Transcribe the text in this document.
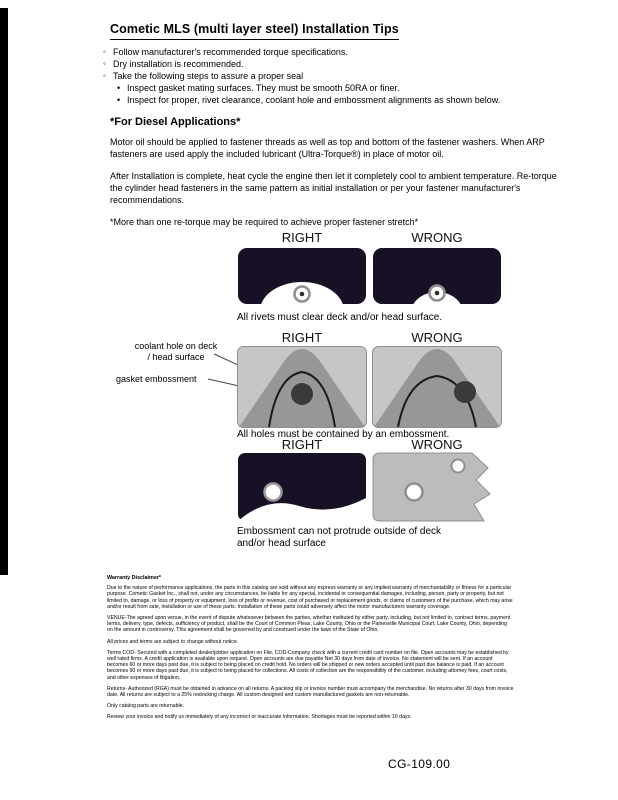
Cometic MLS (multi layer steel) Installation Tips
◦ Follow manufacturer's recommended torque specifications.
◦ Dry installation is recommended.
◦ Take the following steps to assure a proper seal
• Inspect gasket mating surfaces. They must be smooth 50RA or finer.
• Inspect for proper, rivet clearance, coolant hole and embossment alignments as shown below.
*For Diesel Applications*

Motor oil should be applied to fastener threads as well as top and bottom of the fastener washers. When ARP fasteners are used apply the included lubricant (Ultra-Torque®) in place of motor oil.

After Installation is complete, heat cycle the engine then let it completely cool to ambient temperature. Re-torque the cylinder head fasteners in the same pattern as initial installation or per your fastener manufacturer's recommendations.

*More than one re-torque may be required to achieve proper fastener stretch*

RIGHT	WRONG
All rivets must clear deck and/or head surface.
RIGHT	WRONG
coolant hole on deck / head surface
gasket embossment
All holes must be contained by an embossment.
RIGHT	WRONG
Embossment can not protrude outside of deck and/or head surface
Warranty Disclaimer*

Due to the nature of performance applications, the parts in this catalog are sold without any express warranty or any implied warranty of merchantability or fitness for a particular purpose. Cometic Gasket Inc., shall not, under any circumstances, be liable for any special, incidental or consequential damages, including, person, party or property, but not limited to, damage, or loss of property or equipment, loss of profits or revenue, cost of purchased or replacement goods, or claims of customers of the purchase, which may arise and/or result from sale, installation or use of these parts. Installation of these parts could adversely affect the motor manufacturers warranty coverage.

VENUE-The agreed upon venue, in the event of dispute whatsoever between the parties, whether instituted by either party, including, but not limited to, contract terms, payment terms, delivery, type, defects, sufficiency of product, shall be the Court of Common Pleas, Lake County, Ohio or the Painesville Municipal Court, Lake County, Ohio, depending on the amount in controversy. This agreement shall be governed by and construed under the laws of the State of Ohio.

All prices and terms are subject to change without notice.

Terms COD- Secured with a completed dealer/jobber application on File, COD-Company check with a current credit card number on file. Open accounts may be established by well rated firms. A credit application is available upon request. Open accounts are due payable Net 30 days from date of invoice. No statement will be sent. If an account becomes 60 or more days past due, it is subject to being placed on credit hold. No orders will be shipped or new orders accepted until past due balance is paid. If an account becomes 90 or more days past due, it is subject to being placed for collections. All costs of collection are the responsibility of the customer, including attorney fees, court costs, and other expenses of litigation.

Returns- Authorized (RGA) must be obtained in advance on all returns. A packing slip or invoice number must accompany the merchandise. No returns after 30 days from invoice date. All returns are subject to a 25% restocking charge. All custom designed and custom manufactured gaskets are non-returnable.

Only catalog parts are returnable.

Review your invoice and notify us immediately of any incorrect or inaccurate information. Shortages must be reported within 10 days.

CG-109.00
